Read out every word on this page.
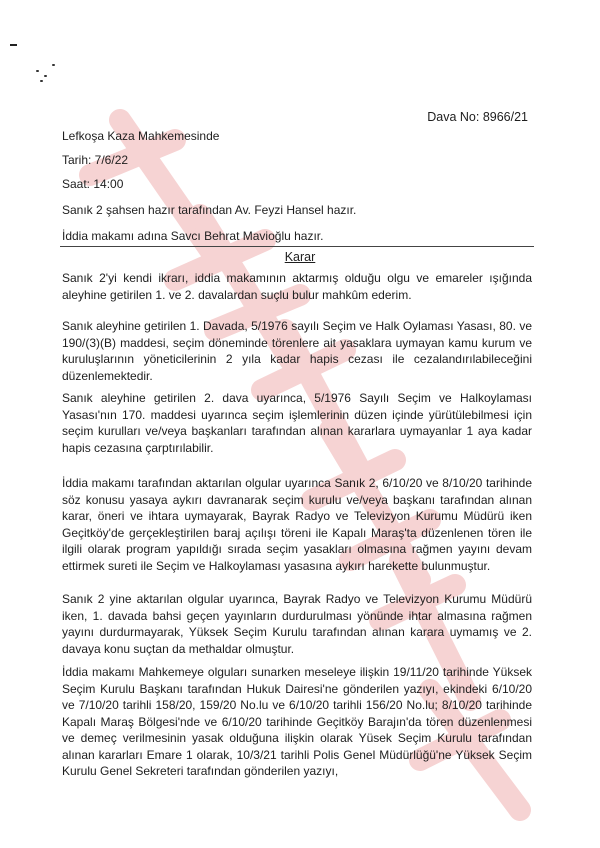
Dava No: 8966/21
Lefkoşa Kaza Mahkemesinde
Tarih: 7/6/22
Saat: 14:00
Sanık 2 şahsen hazır tarafından Av. Feyzi Hansel hazır.
İddia makamı adına Savcı Behrat Mavioğlu hazır.
Karar
Sanık 2'yi kendi ikrarı, iddia makamının aktarmış olduğu olgu ve emareler ışığında aleyhine getirilen 1. ve 2. davalardan suçlu bulur mahkûm ederim.
Sanık aleyhine getirilen 1. Davada, 5/1976 sayılı Seçim ve Halk Oylaması Yasası, 80. ve 190/(3)(B) maddesi, seçim döneminde törenlere ait yasaklara uymayan kamu kurum ve kuruluşlarının yöneticilerinin 2 yıla kadar hapis cezası ile cezalandırılabileceğini düzenlemektedir.
Sanık aleyhine getirilen 2. dava uyarınca, 5/1976 Sayılı Seçim ve Halkoylaması Yasası'nın 170. maddesi uyarınca seçim işlemlerinin düzen içinde yürütülebilmesi için seçim kurulları ve/veya başkanları tarafından alınan kararlara uymayanlar 1 aya kadar hapis cezasına çarptırılabilir.
İddia makamı tarafından aktarılan olgular uyarınca Sanık 2, 6/10/20 ve 8/10/20 tarihinde söz konusu yasaya aykırı davranarak seçim kurulu ve/veya başkanı tarafından alınan karar, öneri ve ihtara uymayarak, Bayrak Radyo ve Televizyon Kurumu Müdürü iken Geçitköy'de gerçekleştirilen baraj açılışı töreni ile Kapalı Maraş'ta düzenlenen tören ile ilgili olarak program yapıldığı sırada seçim yasakları olmasına rağmen yayını devam ettirmek sureti ile Seçim ve Halkoylaması yasasına aykırı harekette bulunmuştur.
Sanık 2 yine aktarılan olgular uyarınca, Bayrak Radyo ve Televizyon Kurumu Müdürü iken, 1. davada bahsi geçen yayınların durdurulması yönünde ihtar almasına rağmen yayını durdurmayarak, Yüksek Seçim Kurulu tarafından alınan karara uymamış ve 2. davaya konu suçtan da methaldar olmuştur.
İddia makamı Mahkemeye olguları sunarken meseleye ilişkin 19/11/20 tarihinde Yüksek Seçim Kurulu Başkanı tarafından Hukuk Dairesi'ne gönderilen yazıyı, ekindeki 6/10/20 ve 7/10/20 tarihli 158/20, 159/20 No.lu ve 6/10/20 tarihli 156/20 No.lu; 8/10/20 tarihinde Kapalı Maraş Bölgesi'nde ve 6/10/20 tarihinde Geçitköy Barajın'da tören düzenlenmesi ve demeç verilmesinin yasak olduğuna ilişkin olarak Yüsek Seçim Kurulu tarafından alınan kararları Emare 1 olarak, 10/3/21 tarihli Polis Genel Müdürlüğü'ne Yüksek Seçim Kurulu Genel Sekreteri tarafından gönderilen yazıyı,
